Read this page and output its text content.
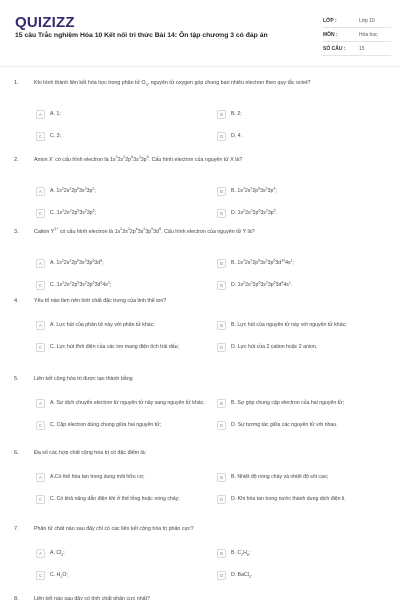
QUIZIZZ
15 câu Trắc nghiệm Hóa 10 Kết nối tri thức Bài 14: Ôn tập chương 3 có đáp án
LỚP :	Lớp 10
MÔN :	Hóa học
SỐ CÂU :	15
1.	Khi hình thành liên kết hóa học trong phân tử $O_3$, nguyên tử oxygen góp chung bao nhiêu electron theo quy tắc octet?
A	A. 1;	B	B. 2;
C	C. 3;	D	D. 4.
2.	Anion X- có cấu hình electron là $1s^22s^22p^63s^23p^6$. Cấu hình electron của nguyên tử X là?
A	A. $1s^22s^22p^63s^23p^2$;	B	B. $1s^22s^22p^63s^23p^4$;
C	C. $1s^22s^22p^63s^23p^6$;	D	D. $1s^22s^22p^63s^23p^5$.
3.	Cation $Y^{2+}$ có cấu hình electron là $1s^22s^22p^63s^23p^63d^6$. Cấu hình electron của nguyên tử Y là?
A	A. $1s^22s^22p^63s^23p^63d^8$;	B	B. $1s^22s^22p^63s^23p^63d^{10}4s^1$;
C	C. $1s^22s^22p^63s^23p^63d^64s^2$;	D	D. $1s^22s^22p^63s^23p^63d^44s^1$.
4.	Yếu tố nào làm nên tính chất đặc trưng của tinh thể ion?
A	A. Lực hút của phân tử này với phân tử khác;	B	B. Lực hút của nguyên tử này với nguyên tử khác;
C	C. Lực hút tĩnh điện của các ion mang điện tích trái dấu;	D	D. Lực hút của 2 cation hoặc 2 anion.
5.	Liên kết cộng hóa trị được tạo thành bằng
A	A. Sự dịch chuyển electron từ nguyên tử này sang nguyên tử khác;	B	B. Sự góp chung cặp electron của hai nguyên tử;
C	C. Cặp electron dùng chung giữa hai nguyên tử;	D	D. Sự tương tác giữa các nguyên tử với nhau.
6.	Đa số các hợp chất cộng hóa trị có đặc điểm là:
A	A.Có thể hòa tan trong dung môi hữu cơ;	B	B. Nhiệt độ nóng chảy và nhiệt độ sôi cao;
C	C. Có khả năng dẫn điện khi ở thể lỏng hoặc nóng chảy;	D	D. Khi hòa tan trong nước thành dung dịch điện li.
7.	Phân tử chất nào sau đây chỉ có các liên kết cộng hóa trị phân cực?
A	A. $Cl_2$;	B	B. $C_2H_6$;
C	C. $H_2O$;	D	D. BaCl$_2$.
8.	Liên kết nào sau đây có tính chất phân cực nhất?
